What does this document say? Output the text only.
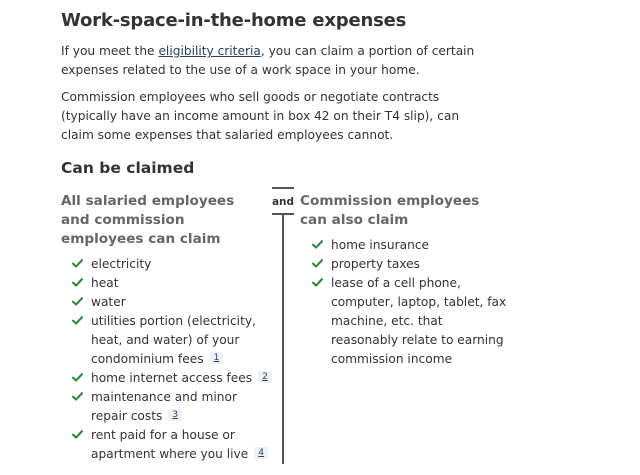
Work-space-in-the-home expenses

If you meet the eligibility criteria, you can claim a portion of certain expenses related to the use of a work space in your home.

Commission employees who sell goods or negotiate contracts (typically have an income amount in box 42 on their T4 slip), can claim some expenses that salaried employees cannot.

Can be claimed
All salaried employees and commission employees can claim
Commission employees can also claim
and
electricity
heat
water
utilities portion (electricity, heat, and water) of your condominium fees 1
home internet access fees 2
maintenance and minor repair costs 3
rent paid for a house or apartment where you live 4
home insurance
property taxes
lease of a cell phone, computer, laptop, tablet, fax machine, etc. that reasonably relate to earning commission income
